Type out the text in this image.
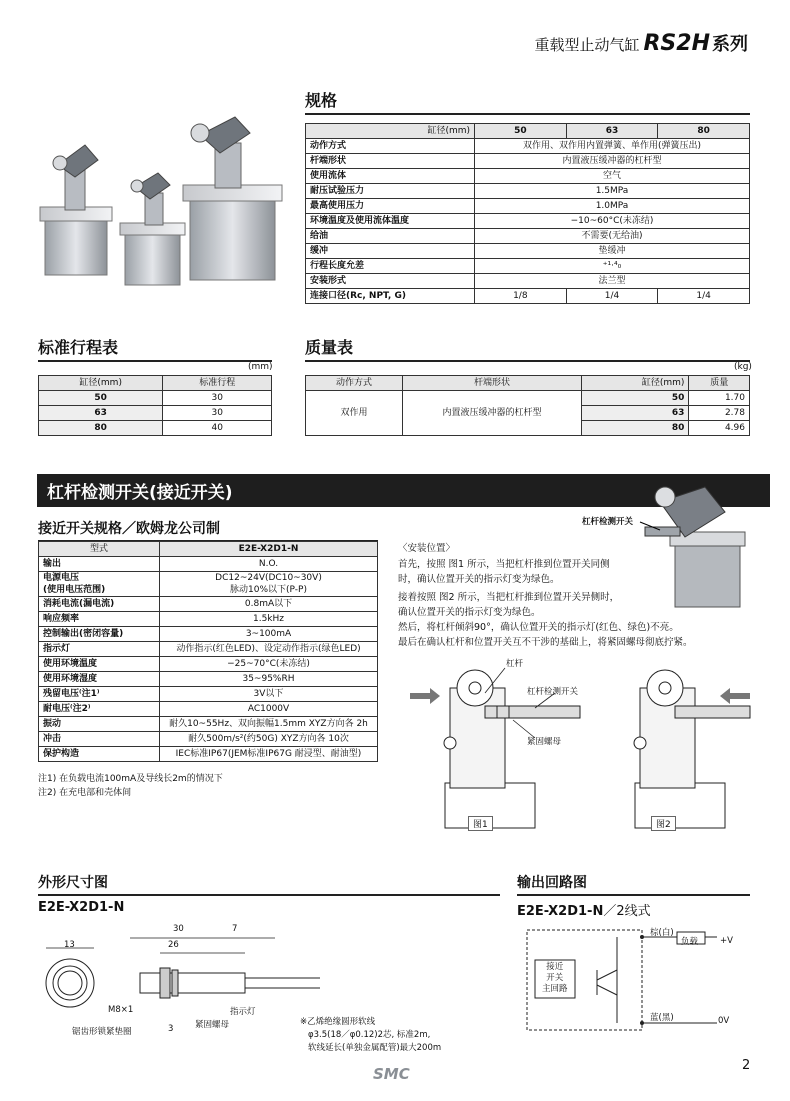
重载型止动气缸 RS2H 系列
规格
缸径(mm)	50	63	80
动作方式	双作用、双作用内置弹簧、单作用(弹簧压出)		
杆端形状	内置液压缓冲器的杠杆型		
使用流体	空气		
耐压试验压力	1.5MPa		
最高使用压力	1.0MPa		
环境温度及使用流体温度	−10~60°C(未冻结)		
给油	不需要(无给油)		
缓冲	垫缓冲		
行程长度允差	⁺¹·⁴₀		
安装形式	法兰型		
连接口径(Rc, NPT, G)	1/8	1/4	1/4
标准行程表
(mm)
缸径(mm)	标准行程
50	30
63	30
80	40
质量表
(kg)
动作方式	杆端形状	缸径(mm)	质量
双作用	内置液压缓冲器的杠杆型	50	1.70
		63	2.78
		80	4.96
杠杆检测开关(接近开关)
接近开关规格／欧姆龙公司制
型式	E2E-X2D1-N
输出	N.O.
电源电压
(使用电压范围)	DC12~24V(DC10~30V)
脉动10%以下(P-P)
消耗电流(漏电流)	0.8mA以下
响应频率	1.5kHz
控制输出(密闭容量)	3~100mA
指示灯	动作指示(红色LED)、设定动作指示(绿色LED)
使用环境温度	−25~70°C(未冻结)
使用环境湿度	35~95%RH
残留电压⁽注1⁾	3V以下
耐电压⁽注2⁾	AC1000V
振动	耐久10~55Hz、双向振幅1.5mm XYZ方向各 2h
冲击	耐久500m/s²(约50G) XYZ方向各 10次
保护构造	IEC标准IP67(JEM标准IP67G 耐浸型、耐油型)
注1) 在负载电流100mA及导线长2m的情况下
注2) 在充电部和壳体间
〈安装位置〉
首先，按照 图1 所示，当把杠杆推到位置开关同侧
时，确认位置开关的指示灯变为绿色。
接着按照 图2 所示，当把杠杆推到位置开关异侧时，
确认位置开关的指示灯变为绿色。
然后，将杠杆倾斜90°，确认位置开关的指示灯(红色、绿色)不亮。
最后在确认杠杆和位置开关互不干涉的基础上，将紧固螺母彻底拧紧。
杠杆检测开关
杠杆
杠杆检测开关
紧固螺母
图1	图2
外形尺寸图
E2E-X2D1-N
30
26
7
13
3
M8×1
锯齿形锁紧垫圈
紧固螺母
指示灯
※乙烯绝缘圆形软线
φ3.5(18／φ0.12)2芯, 标准2m,
软线延长(单独金属配管)最大200m
输出回路图
E2E-X2D1-N／2线式
棕(白)
负载	+V
蓝(黑)	0V
接近
开关
主回路
SMC	2
